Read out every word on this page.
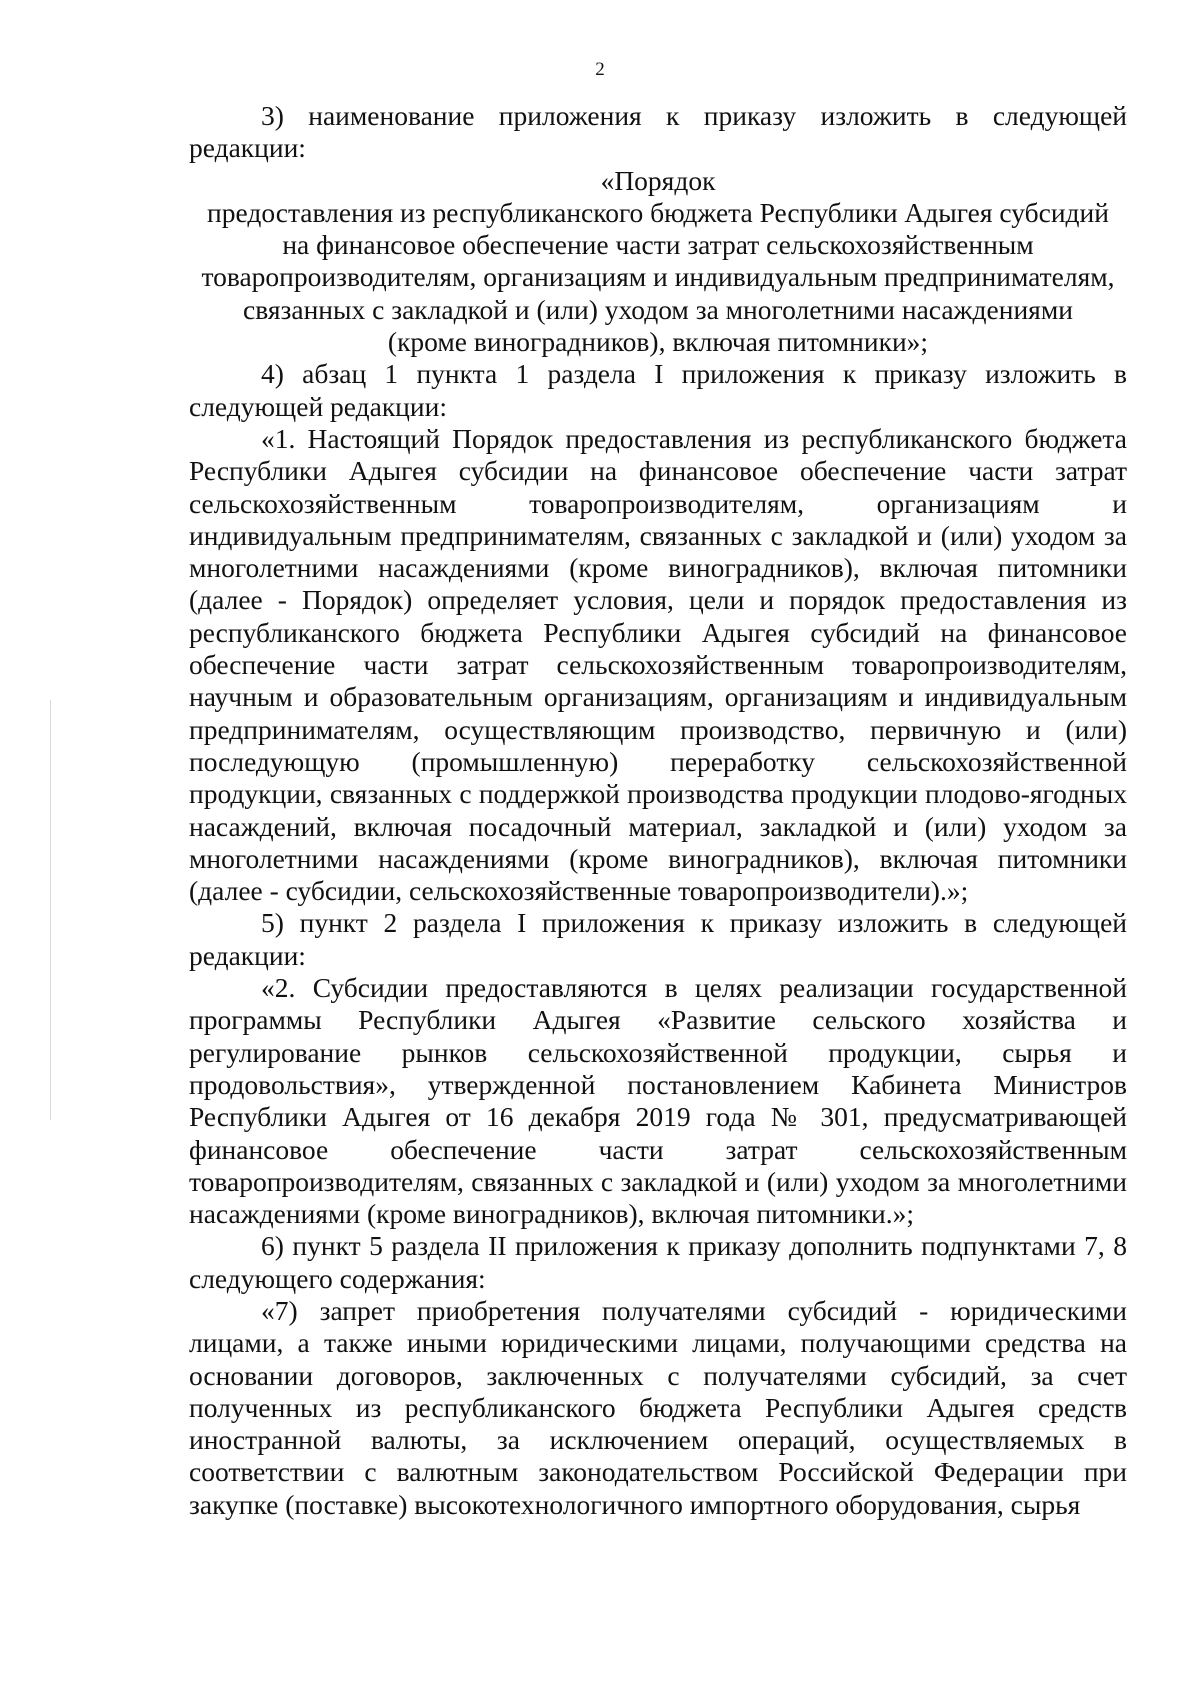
2

3) наименование приложения к приказу изложить в следующей редакции:

«Порядок
предоставления из республиканского бюджета Республики Адыгея субсидий
на финансовое обеспечение части затрат сельскохозяйственным
товаропроизводителям, организациям и индивидуальным предпринимателям,
связанных с закладкой и (или) уходом за многолетними насаждениями
(кроме виноградников), включая питомники»;

4) абзац 1 пункта 1 раздела I приложения к приказу изложить в следующей редакции:

«1. Настоящий Порядок предоставления из республиканского бюджета Республики Адыгея субсидии на финансовое обеспечение части затрат сельскохозяйственным товаропроизводителям, организациям и индивидуальным предпринимателям, связанных с закладкой и (или) уходом за многолетними насаждениями (кроме виноградников), включая питомники (далее - Порядок) определяет условия, цели и порядок предоставления из республиканского бюджета Республики Адыгея субсидий на финансовое обеспечение части затрат сельскохозяйственным товаропроизводителям, научным и образовательным организациям, организациям и индивидуальным предпринимателям, осуществляющим производство, первичную и (или) последующую (промышленную) переработку сельскохозяйственной продукции, связанных с поддержкой производства продукции плодово-ягодных насаждений, включая посадочный материал, закладкой и (или) уходом за многолетними насаждениями (кроме виноградников), включая питомники (далее - субсидии, сельскохозяйственные товаропроизводители).»;

5) пункт 2 раздела I приложения к приказу изложить в следующей редакции:

«2. Субсидии предоставляются в целях реализации государственной программы Республики Адыгея «Развитие сельского хозяйства и регулирование рынков сельскохозяйственной продукции, сырья и продовольствия», утвержденной постановлением Кабинета Министров Республики Адыгея от 16 декабря 2019 года № 301, предусматривающей финансовое обеспечение части затрат сельскохозяйственным товаропроизводителям, связанных с закладкой и (или) уходом за многолетними насаждениями (кроме виноградников), включая питомники.»;

6) пункт 5 раздела II приложения к приказу дополнить подпунктами 7, 8 следующего содержания:

«7) запрет приобретения получателями субсидий - юридическими лицами, а также иными юридическими лицами, получающими средства на основании договоров, заключенных с получателями субсидий, за счет полученных из республиканского бюджета Республики Адыгея средств иностранной валюты, за исключением операций, осуществляемых в соответствии с валютным законодательством Российской Федерации при закупке (поставке) высокотехнологичного импортного оборудования, сырья
